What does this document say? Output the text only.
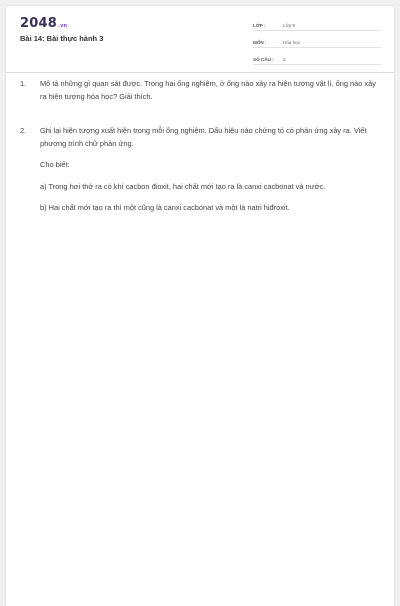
2048.vn
Bài 14: Bài thực hành 3
LỚP :	Lớp 8
MÔN :	Hóa học
SỐ CÂU :	2
1.	Mô tả những gì quan sát được. Trong hai ống nghiệm, ở ống nào xảy ra hiện tượng vật lí, ống nào xảy ra hiện tượng hóa học? Giải thích.

2.	Ghi lại hiện tượng xuất hiện trong mỗi ống nghiệm. Dấu hiệu nào chứng tỏ có phản ứng xảy ra. Viết phương trình chữ phản ứng.

Cho biết:

a) Trong hơi thở ra có khí cacbon đioxit, hai chất mới tạo ra là canxi cacbonat và nước.

b) Hai chất mới tạo ra thì một cũng là canxi cacbonat và một là natri hiđroxit.
